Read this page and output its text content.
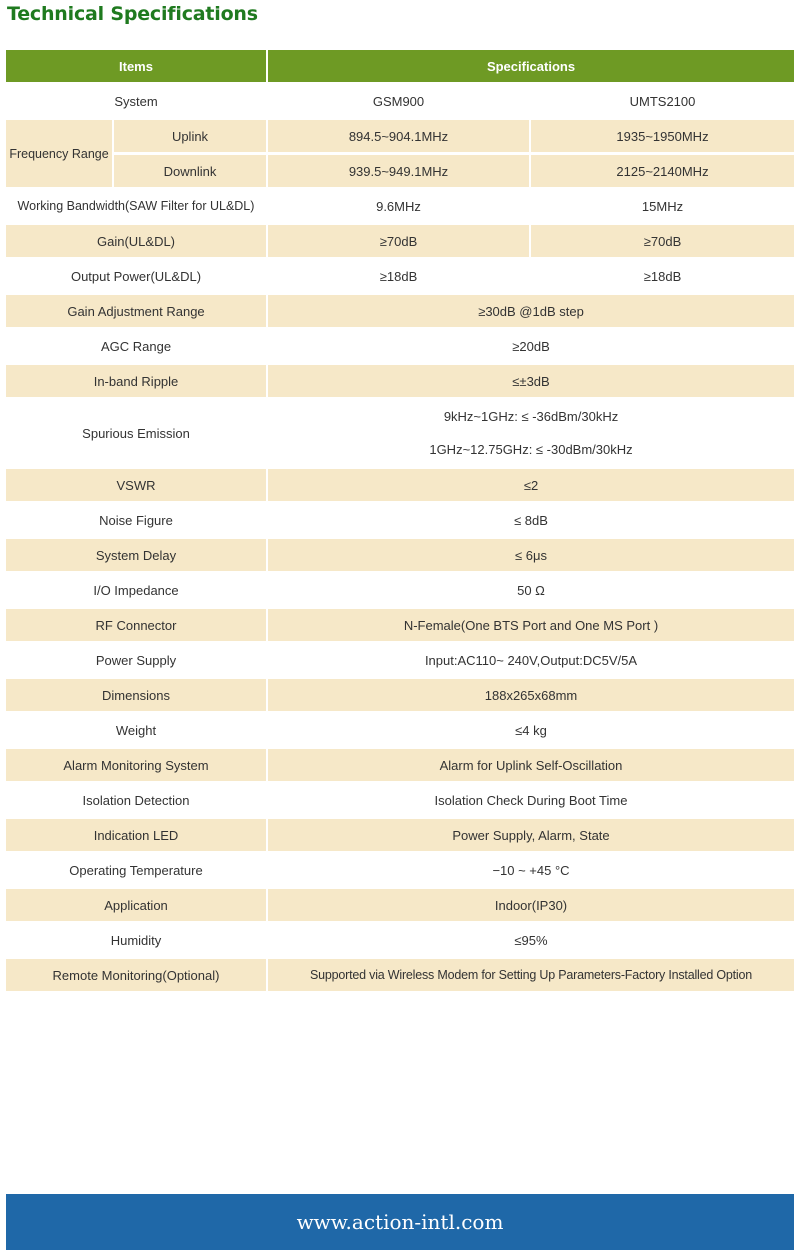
Technical Specifications
Items		Specifications	
System		GSM900	UMTS2100
Frequency Range	Uplink	894.5~904.1MHz	1935~1950MHz
	Downlink	939.5~949.1MHz	2125~2140MHz
Working Bandwidth(SAW Filter for UL&DL)		9.6MHz	15MHz
Gain(UL&DL)		≥70dB	≥70dB
Output Power(UL&DL)		≥18dB	≥18dB
Gain Adjustment Range		≥30dB @1dB step	
AGC Range		≥20dB	
In-band Ripple		≤±3dB	
Spurious Emission		9kHz~1GHz: ≤ -36dBm/30kHz
1GHz~12.75GHz: ≤ -30dBm/30kHz	

VSWR		≤2	
Noise Figure		≤ 8dB	
System Delay		≤ 6μs	
I/O Impedance		50 Ω	
RF Connector		N-Female(One BTS Port and One MS Port )	
Power Supply		Input:AC110~ 240V,Output:DC5V/5A	
Dimensions		188x265x68mm	
Weight		≤4 kg	
Alarm Monitoring System		Alarm for Uplink Self-Oscillation	
Isolation Detection		Isolation Check During Boot Time	
Indication LED		Power Supply, Alarm, State	
Operating Temperature		−10 ~ +45 °C	
Application		Indoor(IP30)	
Humidity		≤95%	
Remote Monitoring(Optional)		Supported via Wireless Modem for Setting Up Parameters-Factory Installed Option	
www.action-intl.com
